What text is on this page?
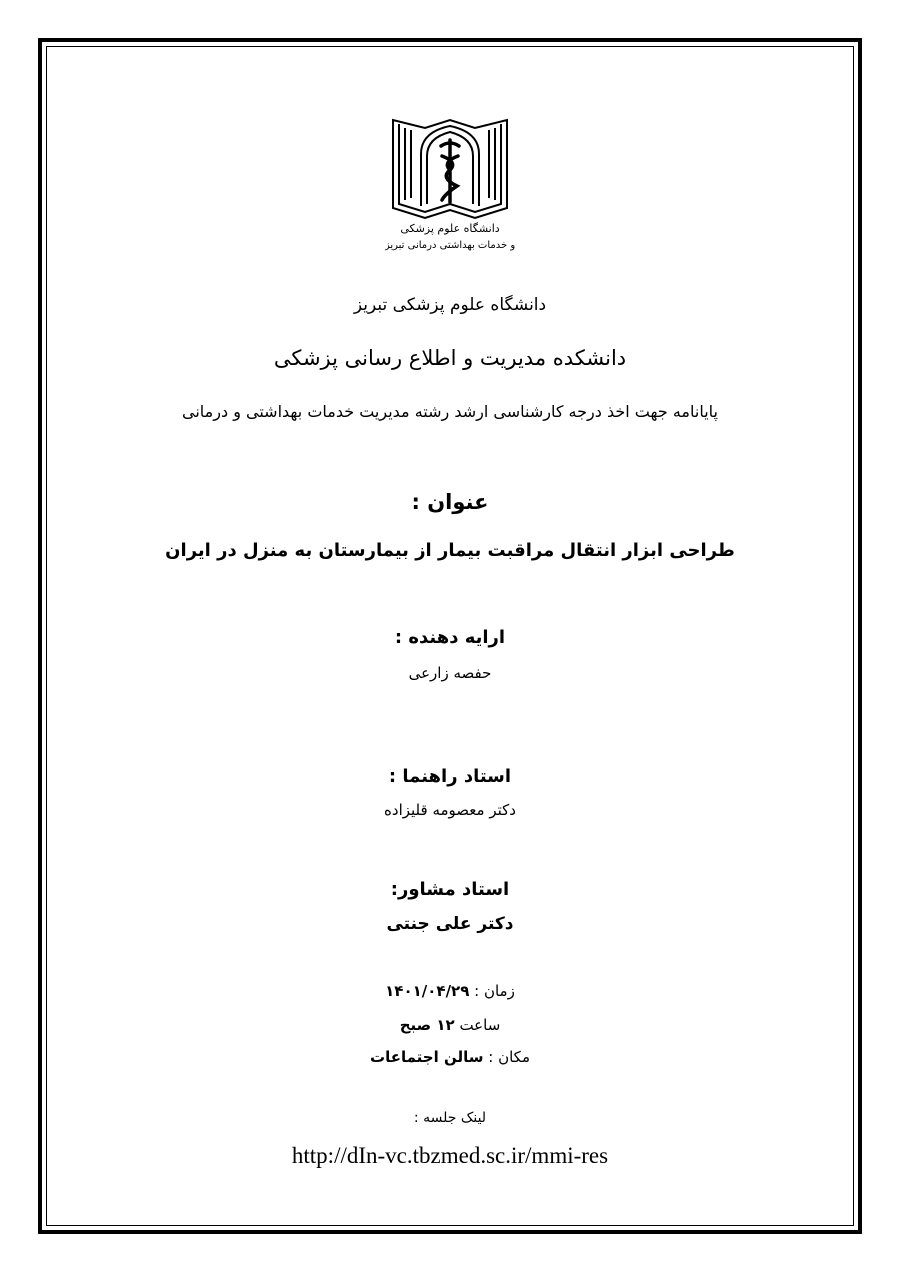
دانشگاه علوم پزشکی
و خدمات بهداشتی درمانی تبریز
دانشگاه علوم پزشکی تبریز
دانشکده مدیریت و اطلاع رسانی پزشکی
پایانامه جهت اخذ درجه کارشناسی ارشد رشته مدیریت خدمات بهداشتی و درمانی
عنوان :
طراحی ابزار انتقال مراقبت بیمار از بیمارستان به منزل در ایران
ارایه دهنده :
حفصه زارعی
استاد راهنما :
دکتر معصومه قلیزاده
استاد مشاور:
دکتر علی جنتی
زمان : ۱۴۰۱/۰۴/۲۹
ساعت ۱۲ صبح
مکان : سالن اجتماعات
لینک جلسه :
http://dIn-vc.tbzmed.sc.ir/mmi-res
